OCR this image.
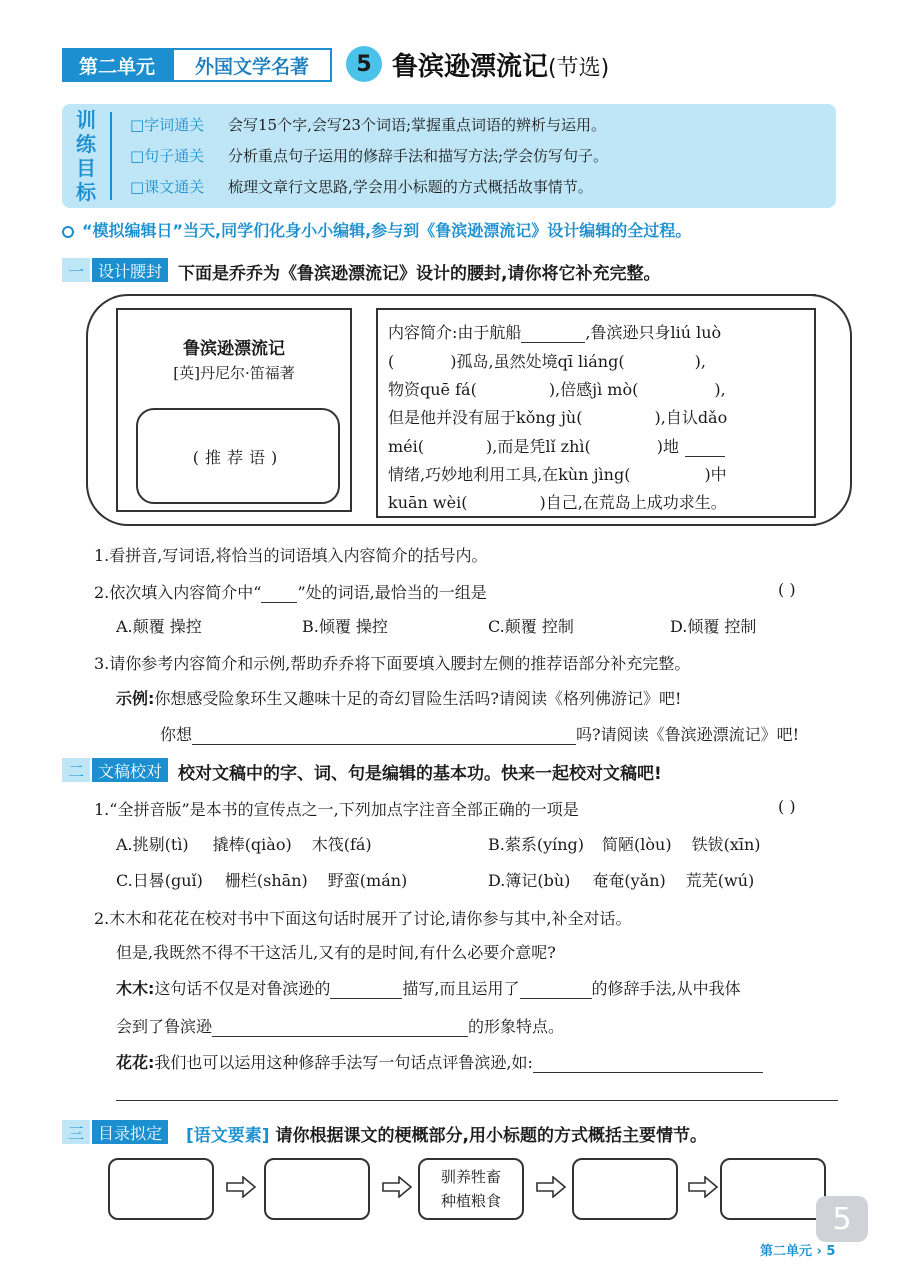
第二单元	外国文学名著	5 鲁滨逊漂流记(节选)
训
练
目
标
□字词通关	会写15个字,会写23个词语;掌握重点词语的辨析与运用。
□句子通关	分析重点句子运用的修辞手法和描写方法;学会仿写句子。
□课文通关	梳理文章行文思路,学会用小标题的方式概括故事情节。
“模拟编辑日”当天,同学们化身小小编辑,参与到《鲁滨逊漂流记》设计编辑的全过程。
一 设计腰封 下面是乔乔为《鲁滨逊漂流记》设计的腰封,请你将它补充完整。
鲁滨逊漂流记
[英]丹尼尔·笛福著
(推荐语)
内容简介:由于航船	,鲁滨逊只身liú luò
(	)孤岛,虽然处境qī liáng(	),
物资quē fá(	),倍感jì mò(	),
但是他并没有屈于kǒng jù(	),自认dǎo
méi(	),而是凭lǐ zhì(	)地
情绪,巧妙地利用工具,在kùn jìng(	)中
kuān wèi(	)自己,在荒岛上成功求生。
1.看拼音,写词语,将恰当的词语填入内容简介的括号内。
2.依次填入内容简介中“ ”处的词语,最恰当的一组是	( )
A.颠覆 操控	B.倾覆 操控	C.颠覆 控制	D.倾覆 控制
3.请你参考内容简介和示例,帮助乔乔将下面要填入腰封左侧的推荐语部分补充完整。
示例:你想感受险象环生又趣味十足的奇幻冒险生活吗?请阅读《格列佛游记》吧!
你想	吗?请阅读《鲁滨逊漂流记》吧!
二 文稿校对 校对文稿中的字、词、句是编辑的基本功。快来一起校对文稿吧!
1.“全拼音版”是本书的宣传点之一,下列加点字注音全部正确的一项是	( )
A.挑剔(tì) 撬棒(qiào) 木筏(fá)	B.萦系(yíng) 简陋(lòu) 铁钹(xīn)
C.日晷(guǐ) 栅栏(shān) 野蛮(mán)	D.簿记(bù) 奄奄(yǎn) 荒芜(wú)
2.木木和花花在校对书中下面这句话时展开了讨论,请你参与其中,补全对话。
但是,我既然不得不干这活儿,又有的是时间,有什么必要介意呢?
木木:这句话不仅是对鲁滨逊的	描写,而且运用了	的修辞手法,从中我体
会到了鲁滨逊	的形象特点。
花花:我们也可以运用这种修辞手法写一句话点评鲁滨逊,如:
三 目录拟定	[语文要素] 请你根据课文的梗概部分,用小标题的方式概括主要情节。
驯养牲畜
种植粮食
5
第二单元 › 5
